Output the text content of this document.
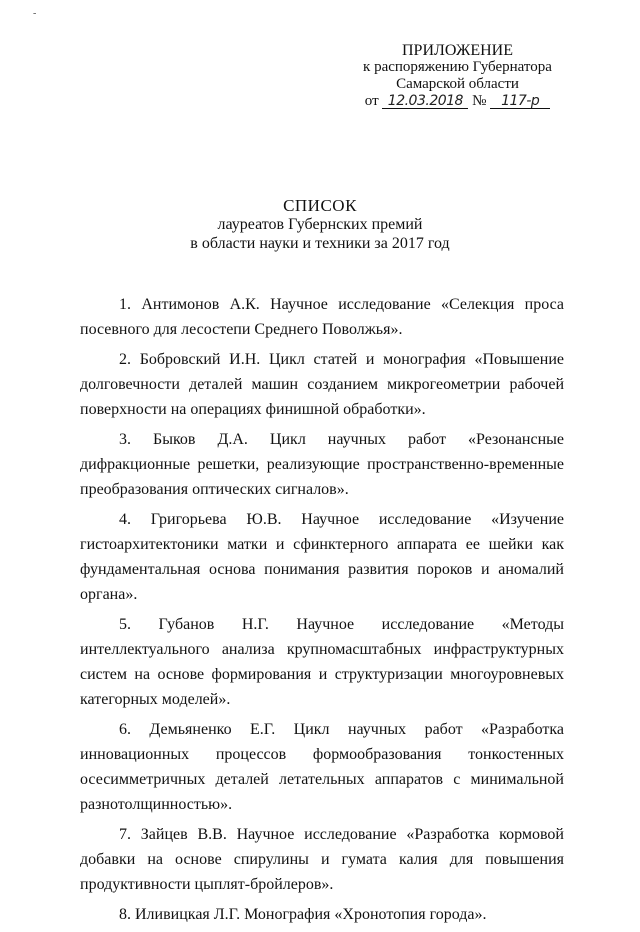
-
ПРИЛОЖЕНИЕ
к распоряжению Губернатора
Самарской области
от 12.03.2018 № 117-р
СПИСОК
лауреатов Губернских премий
в области науки и техники за 2017 год

1. Антимонов А.К. Научное исследование «Селекция проса посевного для лесостепи Среднего Поволжья».

2. Бобровский И.Н. Цикл статей и монография «Повышение долговечности деталей машин созданием микрогеометрии рабочей поверхности на операциях финишной обработки».

3. Быков Д.А. Цикл научных работ «Резонансные дифракционные решетки, реализующие пространственно-временные преобразования оптических сигналов».

4. Григорьева Ю.В. Научное исследование «Изучение гистоархитектоники матки и сфинктерного аппарата ее шейки как фундаментальная основа понимания развития пороков и аномалий органа».

5. Губанов Н.Г. Научное исследование «Методы интеллектуального анализа крупномасштабных инфраструктурных систем на основе формирования и структуризации многоуровневых категорных моделей».

6. Демьяненко Е.Г. Цикл научных работ «Разработка инновационных процессов формообразования тонкостенных осесимметричных деталей летательных аппаратов с минимальной разнотолщинностью».

7. Зайцев В.В. Научное исследование «Разработка кормовой добавки на основе спирулины и гумата калия для повышения продуктивности цыплят-бройлеров».

8. Иливицкая Л.Г. Монография «Хронотопия города».
